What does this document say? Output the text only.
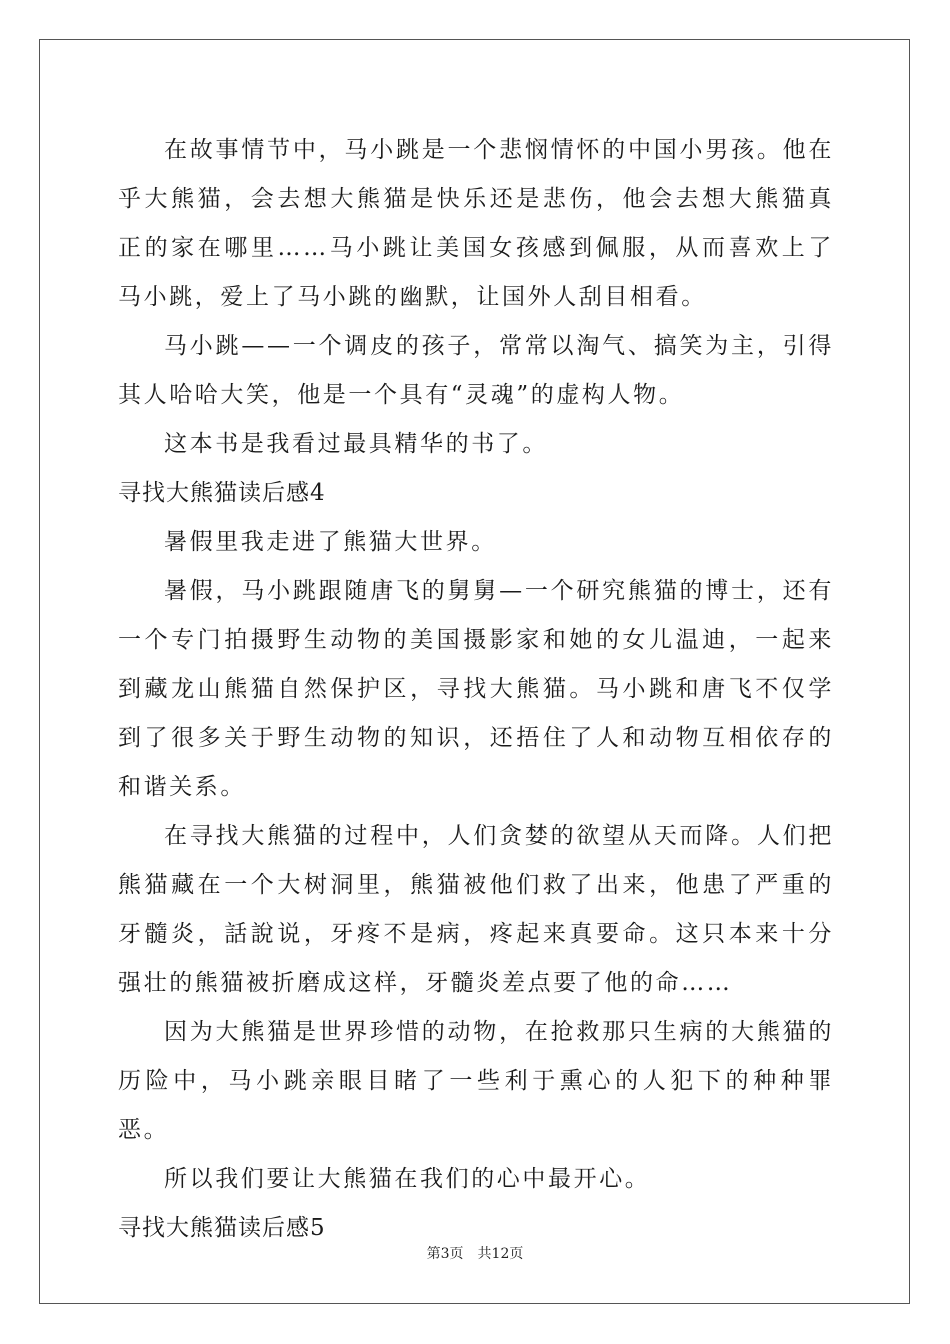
在故事情节中，马小跳是一个悲悯情怀的中国小男孩。他在乎大熊猫，会去想大熊猫是快乐还是悲伤，他会去想大熊猫真正的家在哪里……马小跳让美国女孩感到佩服，从而喜欢上了马小跳，爱上了马小跳的幽默，让国外人刮目相看。

马小跳——一个调皮的孩子，常常以淘气、搞笑为主，引得其人哈哈大笑，他是一个具有“灵魂”的虚构人物。

这本书是我看过最具精华的书了。

寻找大熊猫读后感4

暑假里我走进了熊猫大世界。

暑假，马小跳跟随唐飞的舅舅—一个研究熊猫的博士，还有一个专门拍摄野生动物的美国摄影家和她的女儿温迪，一起来到藏龙山熊猫自然保护区，寻找大熊猫。马小跳和唐飞不仅学到了很多关于野生动物的知识，还捂住了人和动物互相依存的和谐关系。

在寻找大熊猫的过程中，人们贪婪的欲望从天而降。人们把熊猫藏在一个大树洞里，熊猫被他们救了出来，他患了严重的牙髓炎，話說说，牙疼不是病，疼起来真要命。这只本来十分强壮的熊猫被折磨成这样，牙髓炎差点要了他的命……

因为大熊猫是世界珍惜的动物，在抢救那只生病的大熊猫的历险中，马小跳亲眼目睹了一些利于熏心的人犯下的种种罪恶。

所以我们要让大熊猫在我们的心中最开心。

寻找大熊猫读后感5

第3页 共12页
